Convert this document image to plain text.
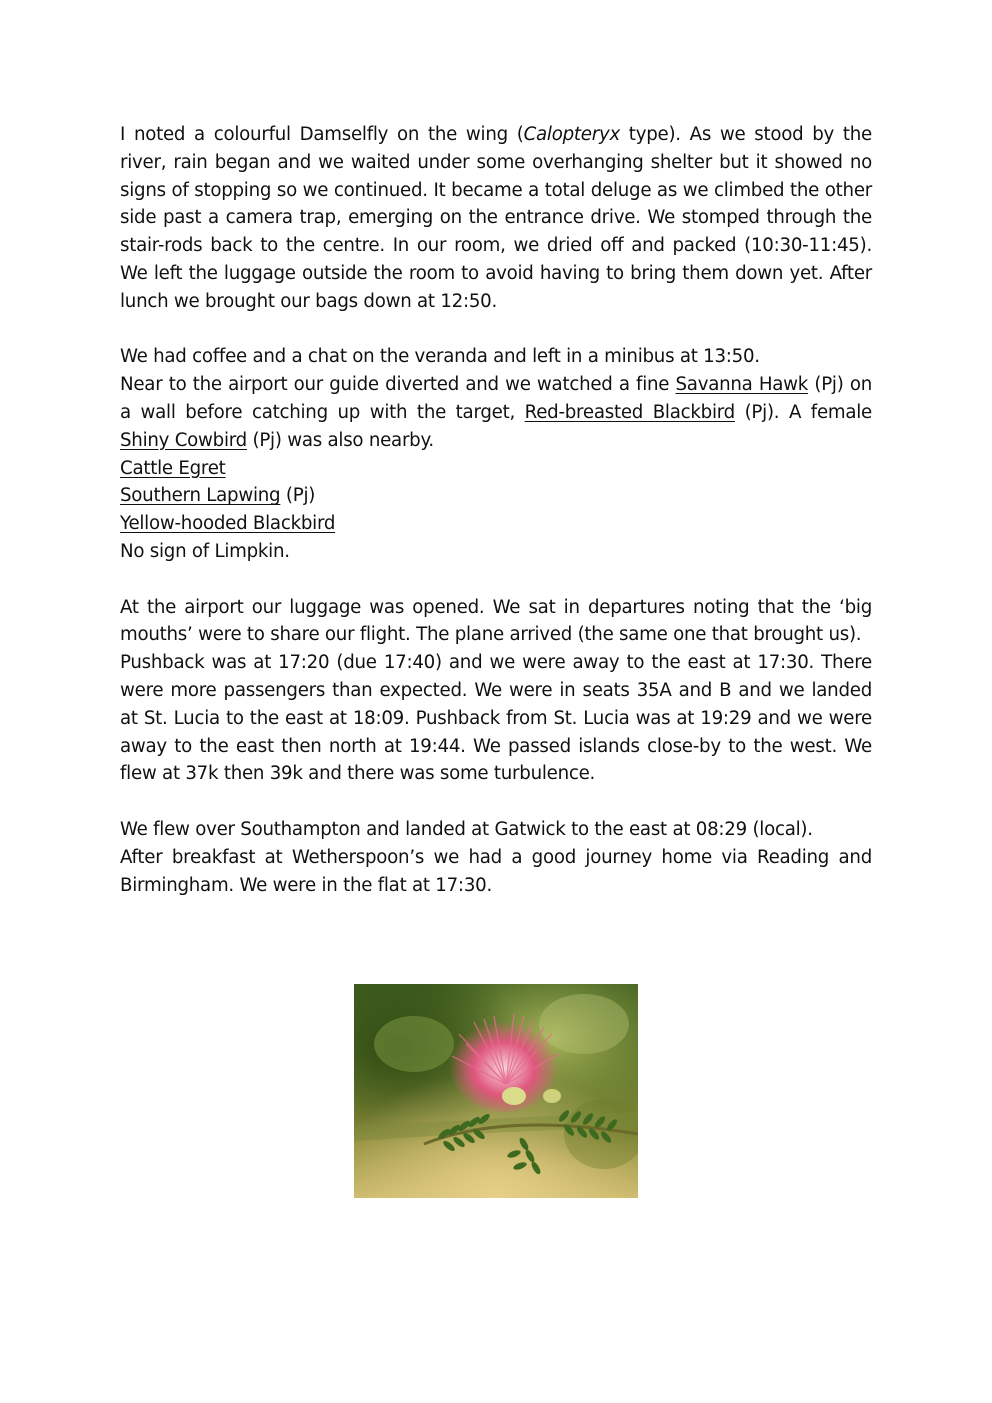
I noted a colourful Damselfly on the wing (Calopteryx type). As we stood by the river, rain began and we waited under some overhanging shelter but it showed no signs of stopping so we continued. It became a total deluge as we climbed the other side past a camera trap, emerging on the entrance drive. We stomped through the stair-rods back to the centre. In our room, we dried off and packed (10:30-11:45). We left the luggage outside the room to avoid having to bring them down yet. After lunch we brought our bags down at 12:50.

We had coffee and a chat on the veranda and left in a minibus at 13:50.

Near to the airport our guide diverted and we watched a fine Savanna Hawk (Pj) on a wall before catching up with the target, Red-breasted Blackbird (Pj). A female Shiny Cowbird (Pj) was also nearby.

Cattle Egret

Southern Lapwing (Pj)

Yellow-hooded Blackbird

No sign of Limpkin.

At the airport our luggage was opened. We sat in departures noting that the ‘big mouths’ were to share our flight. The plane arrived (the same one that brought us).

Pushback was at 17:20 (due 17:40) and we were away to the east at 17:30. There were more passengers than expected. We were in seats 35A and B and we landed at St. Lucia to the east at 18:09. Pushback from St. Lucia was at 19:29 and we were away to the east then north at 19:44. We passed islands close-by to the west. We flew at 37k then 39k and there was some turbulence.

We flew over Southampton and landed at Gatwick to the east at 08:29 (local).

After breakfast at Wetherspoon’s we had a good journey home via Reading and Birmingham. We were in the flat at 17:30.
